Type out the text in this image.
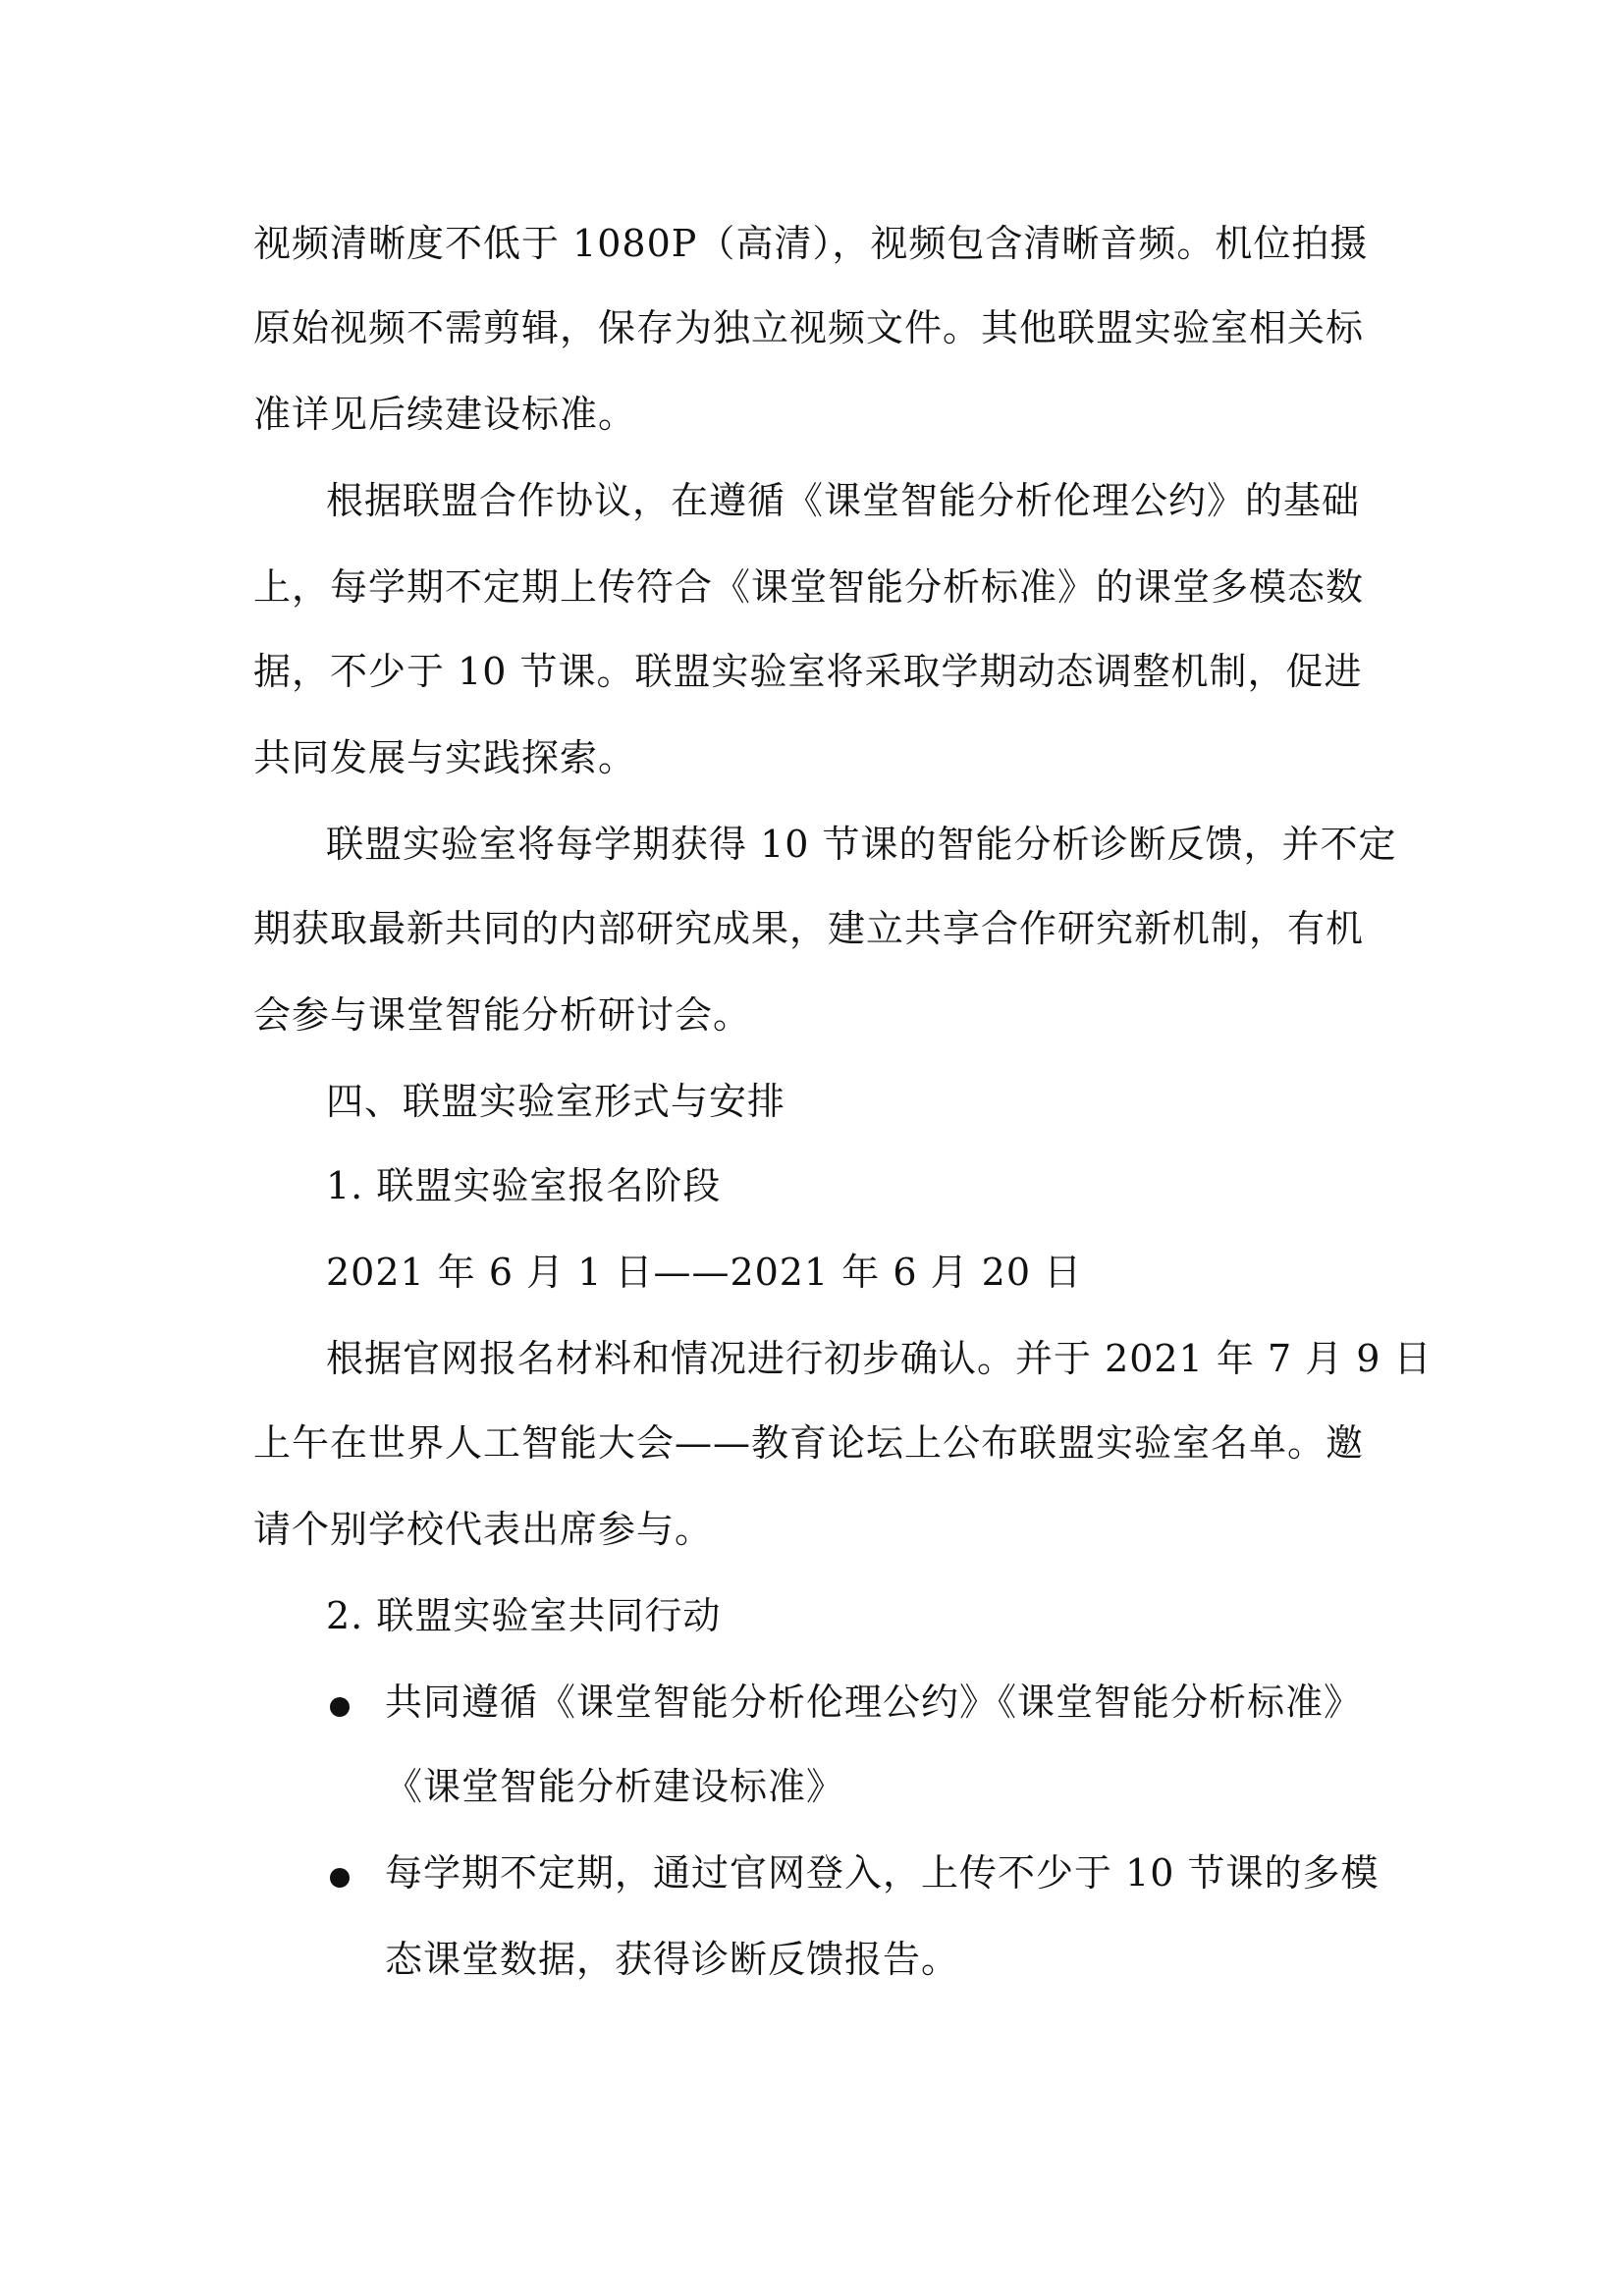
视频清晰度不低于 1080P（高清），视频包含清晰音频。机位拍摄
原始视频不需剪辑，保存为独立视频文件。其他联盟实验室相关标
准详见后续建设标准。
根据联盟合作协议，在遵循《课堂智能分析伦理公约》的基础
上，每学期不定期上传符合《课堂智能分析标准》的课堂多模态数
据，不少于 10 节课。联盟实验室将采取学期动态调整机制，促进
共同发展与实践探索。
联盟实验室将每学期获得 10 节课的智能分析诊断反馈，并不定
期获取最新共同的内部研究成果，建立共享合作研究新机制，有机
会参与课堂智能分析研讨会。
四、联盟实验室形式与安排
1. 联盟实验室报名阶段
2021 年 6 月 1 日——2021 年 6 月 20 日
根据官网报名材料和情况进行初步确认。并于 2021 年 7 月 9 日
上午在世界人工智能大会——教育论坛上公布联盟实验室名单。邀
请个别学校代表出席参与。
2. 联盟实验室共同行动
共同遵循《课堂智能分析伦理公约》《课堂智能分析标准》
《课堂智能分析建设标准》
每学期不定期，通过官网登入，上传不少于 10 节课的多模
态课堂数据，获得诊断反馈报告。
